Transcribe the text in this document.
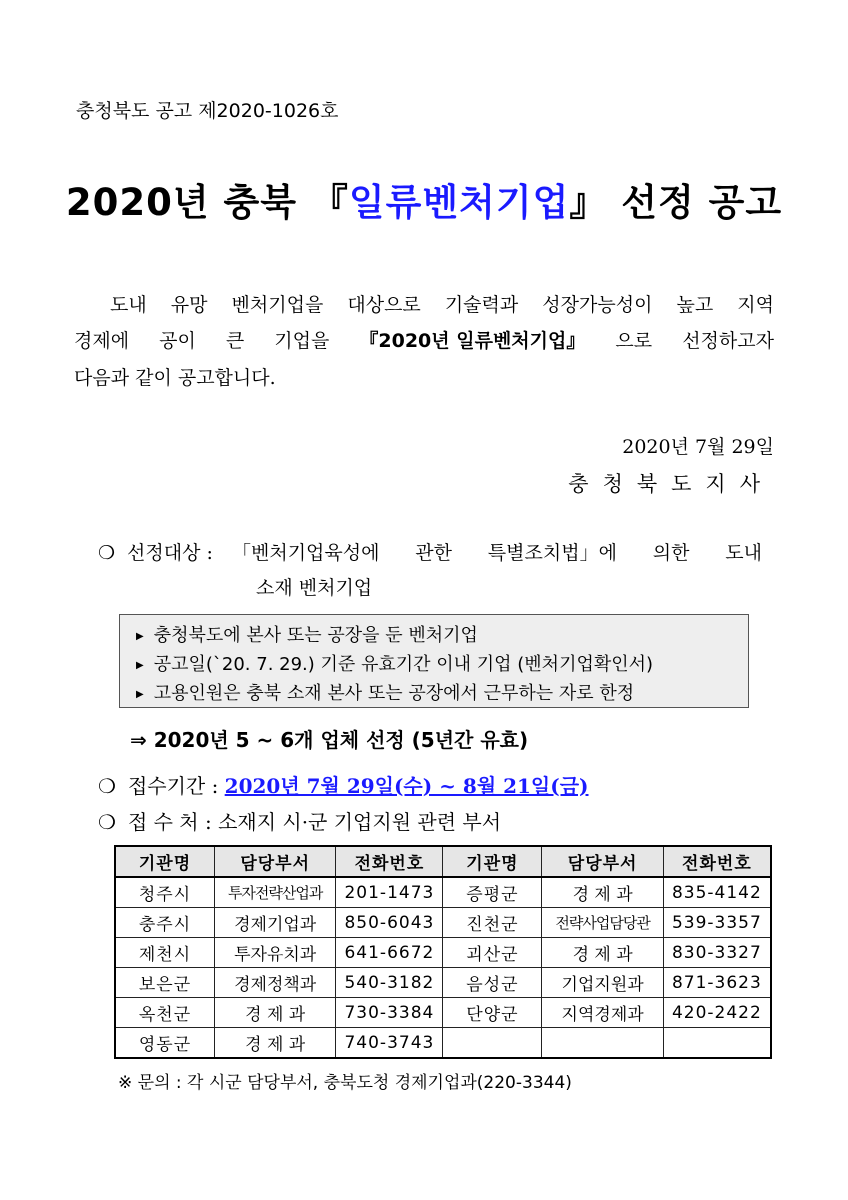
충청북도 공고 제2020-1026호
2020년 충북 『일류벤처기업』 선정 공고
도내 유망 벤처기업을 대상으로 기술력과 성장가능성이 높고 지역
경제에 공이 큰 기업을 『2020년 일류벤처기업』 으로 선정하고자
다음과 같이 공고합니다.
2020년 7월 29일
충청북도지사
❍ 선정대상 : 「벤처기업육성에 관한 특별조치법」에 의한 도내
소재 벤처기업
▶ 충청북도에 본사 또는 공장을 둔 벤처기업
▶ 공고일(`20. 7. 29.) 기준 유효기간 이내 기업 (벤처기업확인서)
▶ 고용인원은 충북 소재 본사 또는 공장에서 근무하는 자로 한정
⇒ 2020년 5 ~ 6개 업체 선정 (5년간 유효)
❍ 접수기간 : 2020년 7월 29일(수) ~ 8월 21일(금)
❍ 접 수 처 : 소재지 시·군 기업지원 관련 부서
기관명	담당부서	전화번호	기관명	담당부서	전화번호
청주시	투자전략산업과	201-1473	증평군	경 제 과	835-4142
충주시	경제기업과	850-6043	진천군	전략사업담당관	539-3357
제천시	투자유치과	641-6672	괴산군	경 제 과	830-3327
보은군	경제정책과	540-3182	음성군	기업지원과	871-3623
옥천군	경 제 과	730-3384	단양군	지역경제과	420-2422
영동군	경 제 과	740-3743			
※ 문의 : 각 시군 담당부서, 충북도청 경제기업과(220-3344)
